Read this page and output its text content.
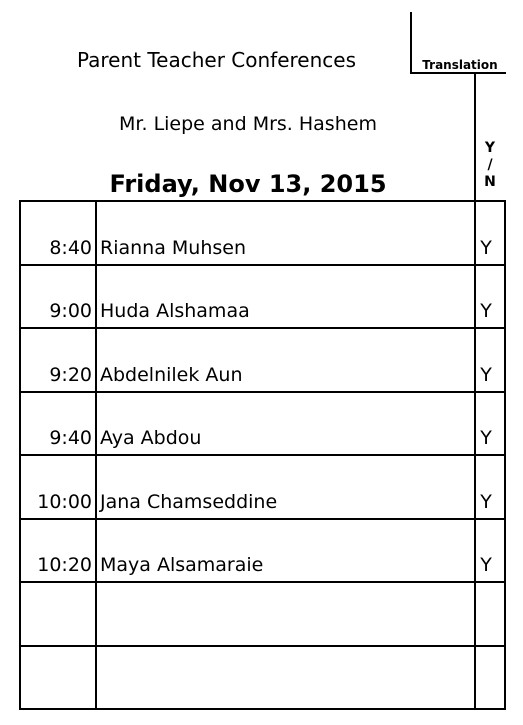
Parent Teacher Conferences
Mr. Liepe and Mrs. Hashem
Friday, Nov 13, 2015
Translation
Y
/
N
8:40 Rianna Muhsen	Y
9:00 Huda Alshamaa	Y
9:20 Abdelnilek Aun	Y
9:40 Aya Abdou	Y
10:00 Jana Chamseddine	Y
10:20 Maya Alsamaraie	Y
